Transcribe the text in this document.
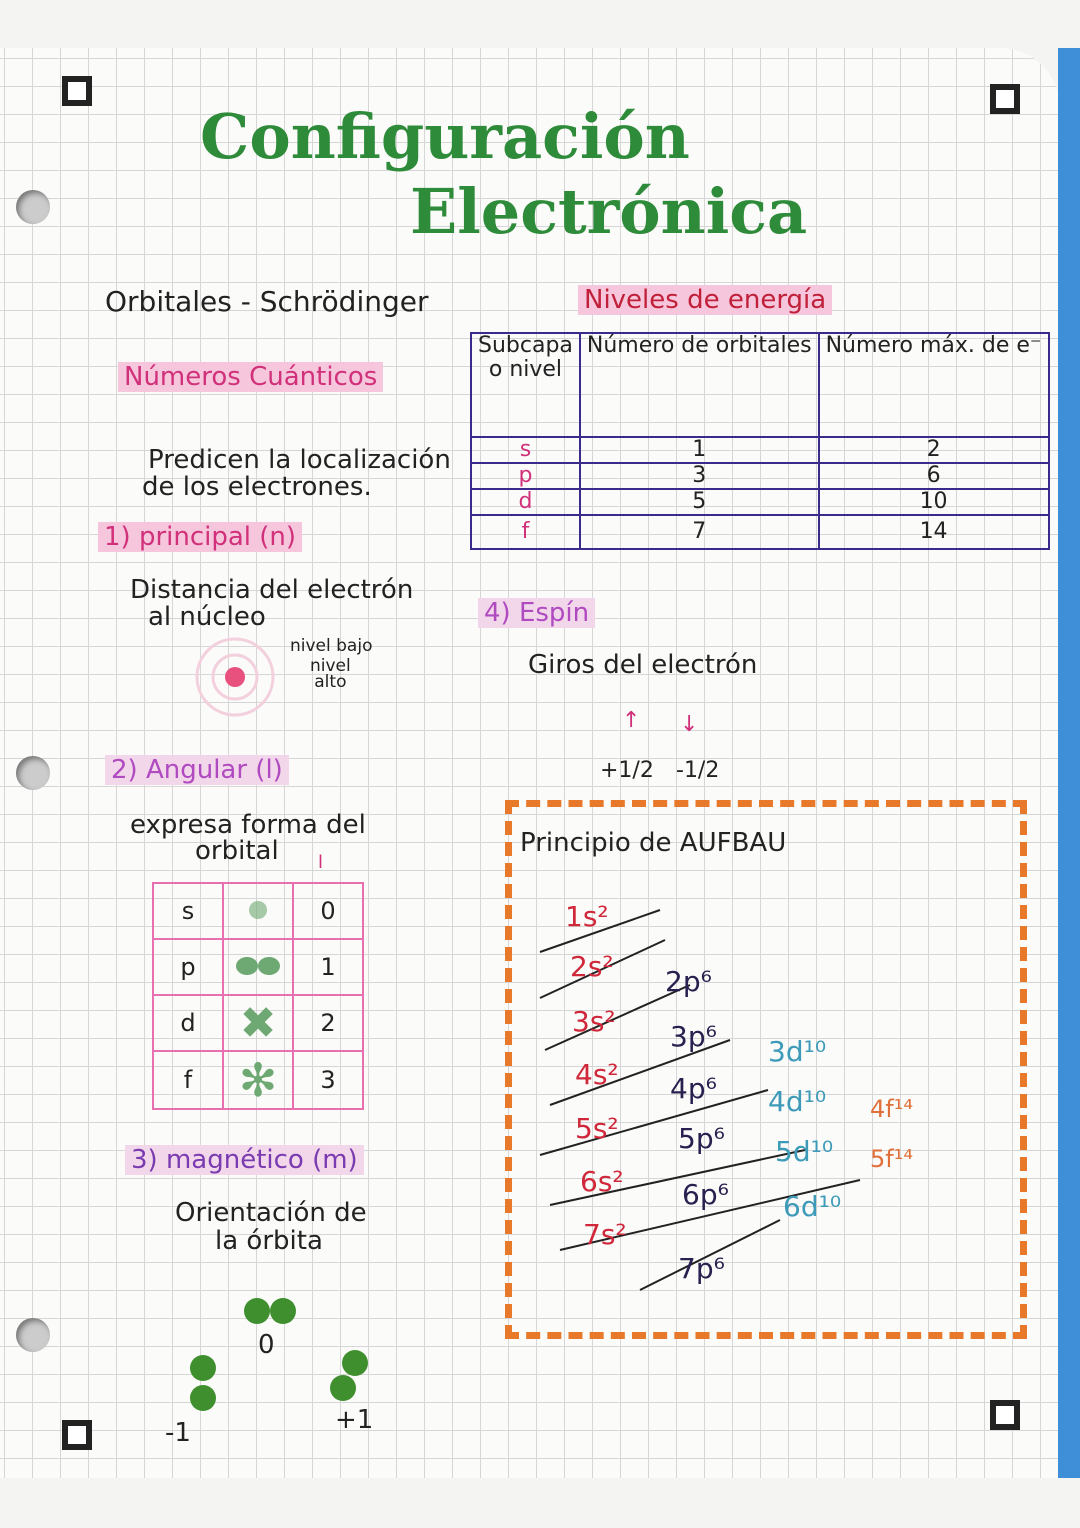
Configuración
Electrónica
Orbitales - Schrödinger
Números Cuánticos
Predicen la localización
de los electrones.
1) principal (n)
Distancia del electrón
al núcleo
nivel bajo
nivel
alto
2) Angular (l)
expresa forma del
orbital l
s		0
p		1
d	✖	2
f	✻	3
3) magnético (m)
Orientación de
la órbita
0
-1	+1
Niveles de energía
Subcapa o nivel	Número de orbitales	Número máx. de e⁻
s	1	2
p	3	6
d	5	10
f	7	14
4) Espín
Giros del electrón
↑ ↓
+1/2 -1/2
Principio de AUFBAU
1s²
2s² 2p⁶
3s² 3p⁶ 3d¹⁰
4s² 4p⁶ 4d¹⁰ 4f¹⁴
5s² 5p⁶ 5d¹⁰ 5f¹⁴
6s² 6p⁶ 6d¹⁰
7s²
7p⁶
